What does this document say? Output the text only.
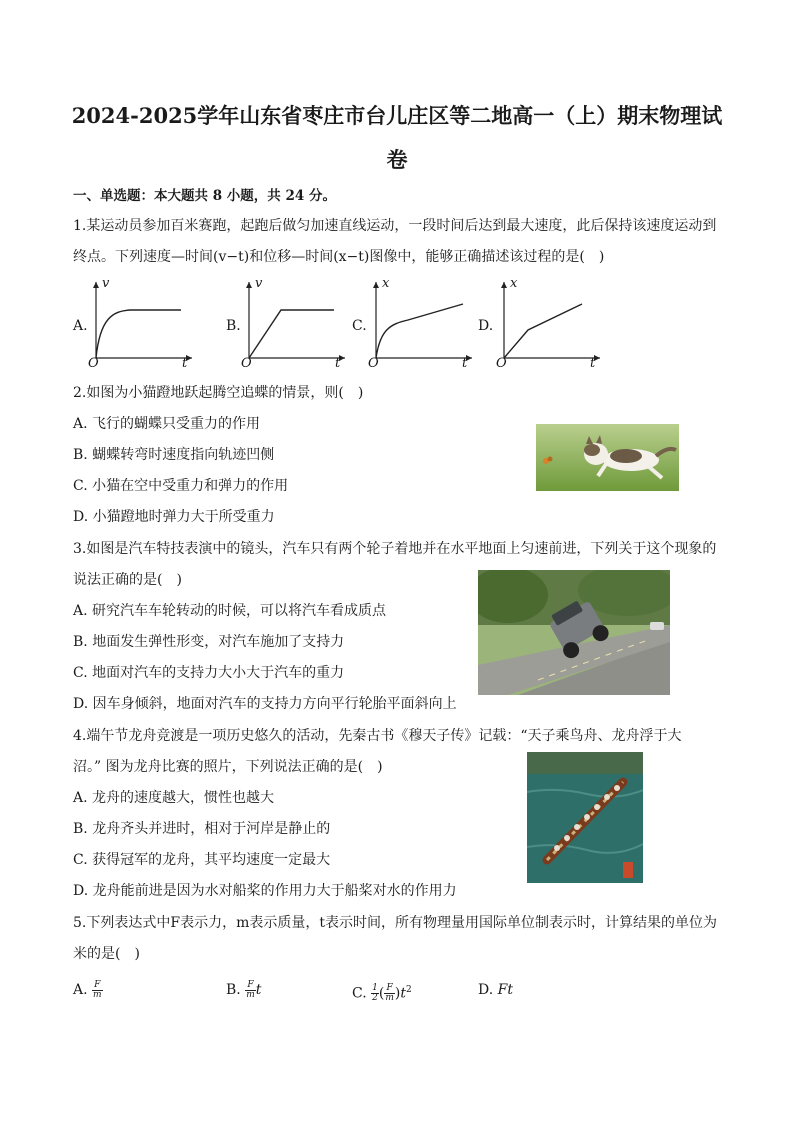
2024-2025学年山东省枣庄市台儿庄区等二地高一（上）期末物理试
卷
一、单选题：本大题共 8 小题，共 24 分。
1.某运动员参加百米赛跑，起跑后做匀加速直线运动，一段时间后达到最大速度，此后保持该速度运动到
终点。下列速度—时间(v−t)和位移—时间(x−t)图像中，能够正确描述该过程的是(　)
A.
v
t
O
B.
v
t
O
C.
x
t
O
D.
x
t
O
2.如图为小猫蹬地跃起腾空追蝶的情景，则(　)
A. 飞行的蝴蝶只受重力的作用
B. 蝴蝶转弯时速度指向轨迹凹侧
C. 小猫在空中受重力和弹力的作用
D. 小猫蹬地时弹力大于所受重力
3.如图是汽车特技表演中的镜头，汽车只有两个轮子着地并在水平地面上匀速前进，下列关于这个现象的
说法正确的是(　)
A. 研究汽车车轮转动的时候，可以将汽车看成质点
B. 地面发生弹性形变，对汽车施加了支持力
C. 地面对汽车的支持力大小大于汽车的重力
D. 因车身倾斜，地面对汽车的支持力方向平行轮胎平面斜向上
4.端午节龙舟竞渡是一项历史悠久的活动，先秦古书《穆天子传》记载：“天子乘鸟舟、龙舟浮于大
沼。” 图为龙舟比赛的照片，下列说法正确的是(　)
A. 龙舟的速度越大，惯性也越大
B. 龙舟齐头并进时，相对于河岸是静止的
C. 获得冠军的龙舟，其平均速度一定最大
D. 龙舟能前进是因为水对船桨的作用力大于船桨对水的作用力
5.下列表达式中F表示力，m表示质量，t表示时间，所有物理量用国际单位制表示时，计算结果的单位为
米的是(　)
A. $\frac{F}{m}$	B. $\frac{F}{m}$ t	C. $\frac{1}{2}$ ( $\frac{F}{m} )t^2$	D. Ft
